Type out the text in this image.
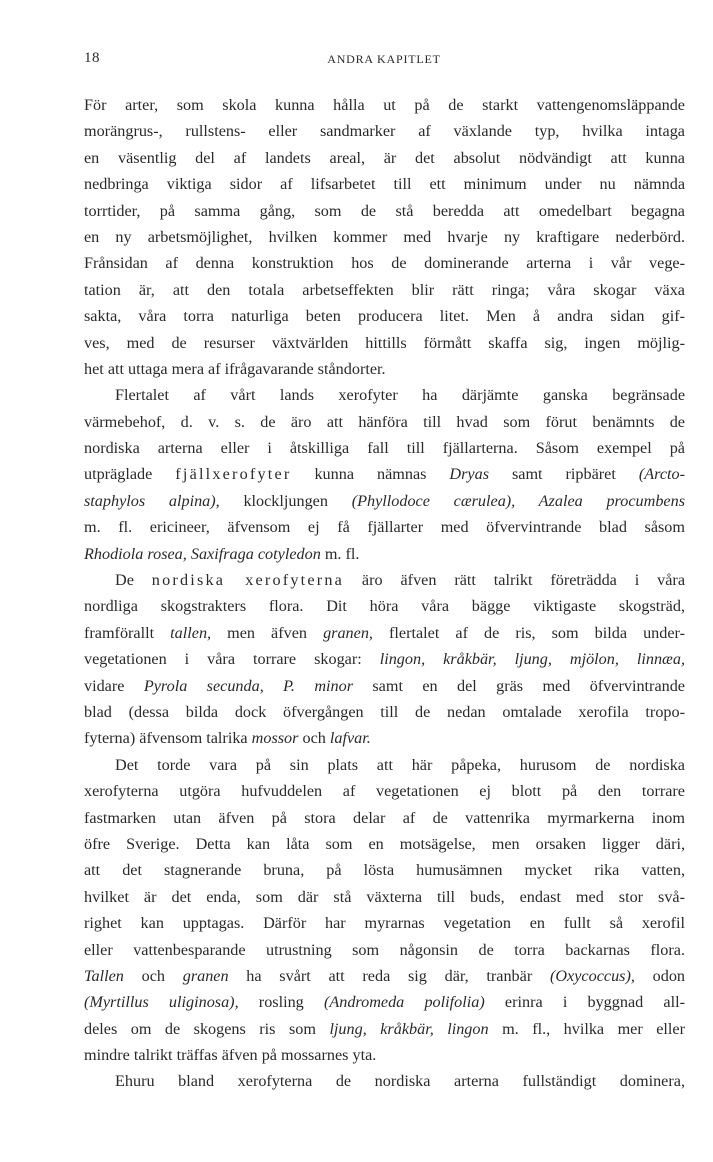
18	ANDRA KAPITLET
För arter, som skola kunna hålla ut på de starkt vattengenomsläppande
morängrus-, rullstens- eller sandmarker af växlande typ, hvilka intaga
en väsentlig del af landets areal, är det absolut nödvändigt att kunna
nedbringa viktiga sidor af lifsarbetet till ett minimum under nu nämnda
torrtider, på samma gång, som de stå beredda att omedelbart begagna
en ny arbetsmöjlighet, hvilken kommer med hvarje ny kraftigare nederbörd.
Frånsidan af denna konstruktion hos de dominerande arterna i vår vege-
tation är, att den totala arbetseffekten blir rätt ringa; våra skogar växa
sakta, våra torra naturliga beten producera litet. Men å andra sidan gif-
ves, med de resurser växtvärlden hittills förmått skaffa sig, ingen möjlig-
het att uttaga mera af ifrågavarande ståndorter.
Flertalet af vårt lands xerofyter ha därjämte ganska begränsade
värmebehof, d. v. s. de äro att hänföra till hvad som förut benämnts de
nordiska arterna eller i åtskilliga fall till fjällarterna. Såsom exempel på
utpräglade fjällxerofyter kunna nämnas Dryas samt ripbäret (Arcto-
staphylos alpina), klockljungen (Phyllodoce cærulea), Azalea procumbens
m. fl. ericineer, äfvensom ej få fjällarter med öfvervintrande blad såsom
Rhodiola rosea, Saxifraga cotyledon m. fl.
De nordiska xerofyterna äro äfven rätt talrikt företrädda i våra
nordliga skogstrakters flora. Dit höra våra bägge viktigaste skogsträd,
framförallt tallen, men äfven granen, flertalet af de ris, som bilda under-
vegetationen i våra torrare skogar: lingon, kråkbär, ljung, mjölon, linnæa,
vidare Pyrola secunda, P. minor samt en del gräs med öfvervintrande
blad (dessa bilda dock öfvergången till de nedan omtalade xerofila tropo-
fyterna) äfvensom talrika mossor och lafvar.
Det torde vara på sin plats att här påpeka, hurusom de nordiska
xerofyterna utgöra hufvuddelen af vegetationen ej blott på den torrare
fastmarken utan äfven på stora delar af de vattenrika myrmarkerna inom
öfre Sverige. Detta kan låta som en motsägelse, men orsaken ligger däri,
att det stagnerande bruna, på lösta humusämnen mycket rika vatten,
hvilket är det enda, som där stå växterna till buds, endast med stor svå-
righet kan upptagas. Därför har myrarnas vegetation en fullt så xerofil
eller vattenbesparande utrustning som någonsin de torra backarnas flora.
Tallen och granen ha svårt att reda sig där, tranbär (Oxycoccus), odon
(Myrtillus uliginosa), rosling (Andromeda polifolia) erinra i byggnad all-
deles om de skogens ris som ljung, kråkbär, lingon m. fl., hvilka mer eller
mindre talrikt träffas äfven på mossarnes yta.
Ehuru bland xerofyterna de nordiska arterna fullständigt dominera,
